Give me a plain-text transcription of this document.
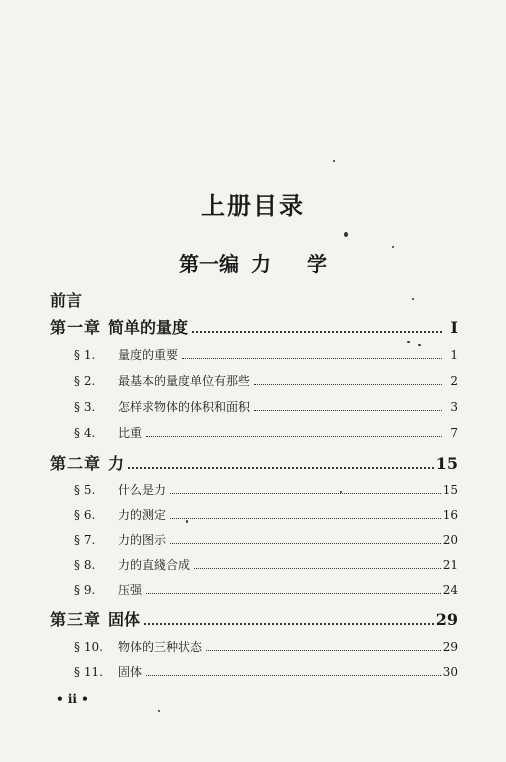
上册目录
第一编 力 学
前言
第一章 简单的量度	I
§ 1.	量度的重要	1
§ 2.	最基本的量度单位有那些	2
§ 3.	怎样求物体的体积和面积	3
§ 4.	比重	7
第二章 力	15
§ 5.	什么是力	15
§ 6.	力的测定	16
§ 7.	力的图示	20
§ 8.	力的直綫合成	21
§ 9.	压强	24
第三章 固体	29
§ 10.	物体的三种状态	29
§ 11.	固体	30
• ii •
